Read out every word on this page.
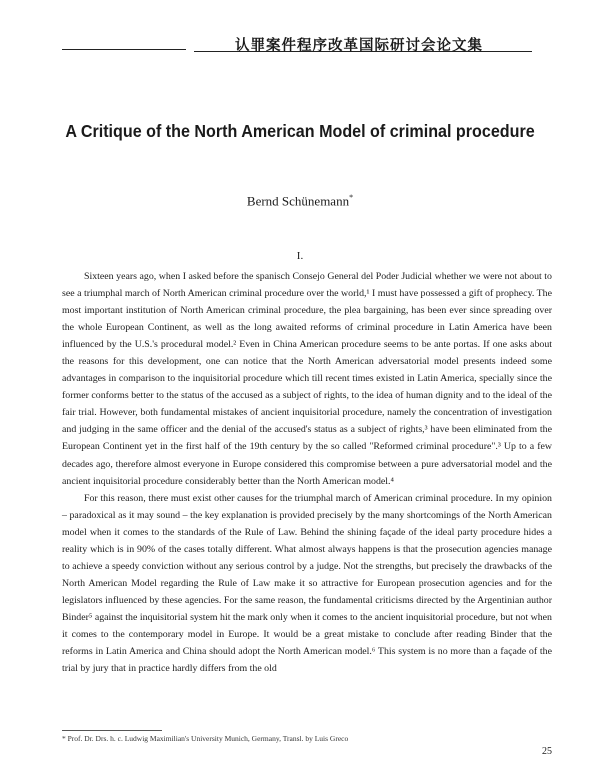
认罪案件程序改革国际研讨会论文集
A Critique of the North American Model of criminal procedure
Bernd Schünemann*
I.

Sixteen years ago, when I asked before the spanisch Consejo General del Poder Judicial whether we were not about to see a triumphal march of North American criminal procedure over the world,¹ I must have possessed a gift of prophecy. The most important institution of North American criminal procedure, the plea bargaining, has been ever since spreading over the whole European Continent, as well as the long awaited reforms of criminal procedure in Latin America have been influenced by the U.S.'s procedural model.² Even in China American procedure seems to be ante portas. If one asks about the reasons for this development, one can notice that the North American adversatorial model presents indeed some advantages in comparison to the inquisitorial procedure which till recent times existed in Latin America, specially since the former conforms better to the status of the accused as a subject of rights, to the idea of human dignity and to the ideal of the fair trial. However, both fundamental mistakes of ancient inquisitorial procedure, namely the concentration of investigation and judging in the same officer and the denial of the accused's status as a subject of rights,³ have been eliminated from the European Continent yet in the first half of the 19th century by the so called "Reformed criminal procedure".³ Up to a few decades ago, therefore almost everyone in Europe considered this compromise between a pure adversatorial model and the ancient inquisitorial procedure considerably better than the North American model.⁴

For this reason, there must exist other causes for the triumphal march of American criminal procedure. In my opinion – paradoxical as it may sound – the key explanation is provided precisely by the many shortcomings of the North American model when it comes to the standards of the Rule of Law. Behind the shining façade of the ideal party procedure hides a reality which is in 90% of the cases totally different. What almost always happens is that the prosecution agencies manage to achieve a speedy conviction without any serious control by a judge. Not the strengths, but precisely the drawbacks of the North American Model regarding the Rule of Law make it so attractive for European prosecution agencies and for the legislators influenced by these agencies. For the same reason, the fundamental criticisms directed by the Argentinian author Binder⁵ against the inquisitorial system hit the mark only when it comes to the ancient inquisitorial procedure, but not when it comes to the contemporary model in Europe. It would be a great mistake to conclude after reading Binder that the reforms in Latin America and China should adopt the North American model.⁶ This system is no more than a façade of the trial by jury that in practice hardly differs from the old

* Prof. Dr. Drs. h. c. Ludwig Maximilian's University Munich, Germany, Transl. by Luis Greco
25
